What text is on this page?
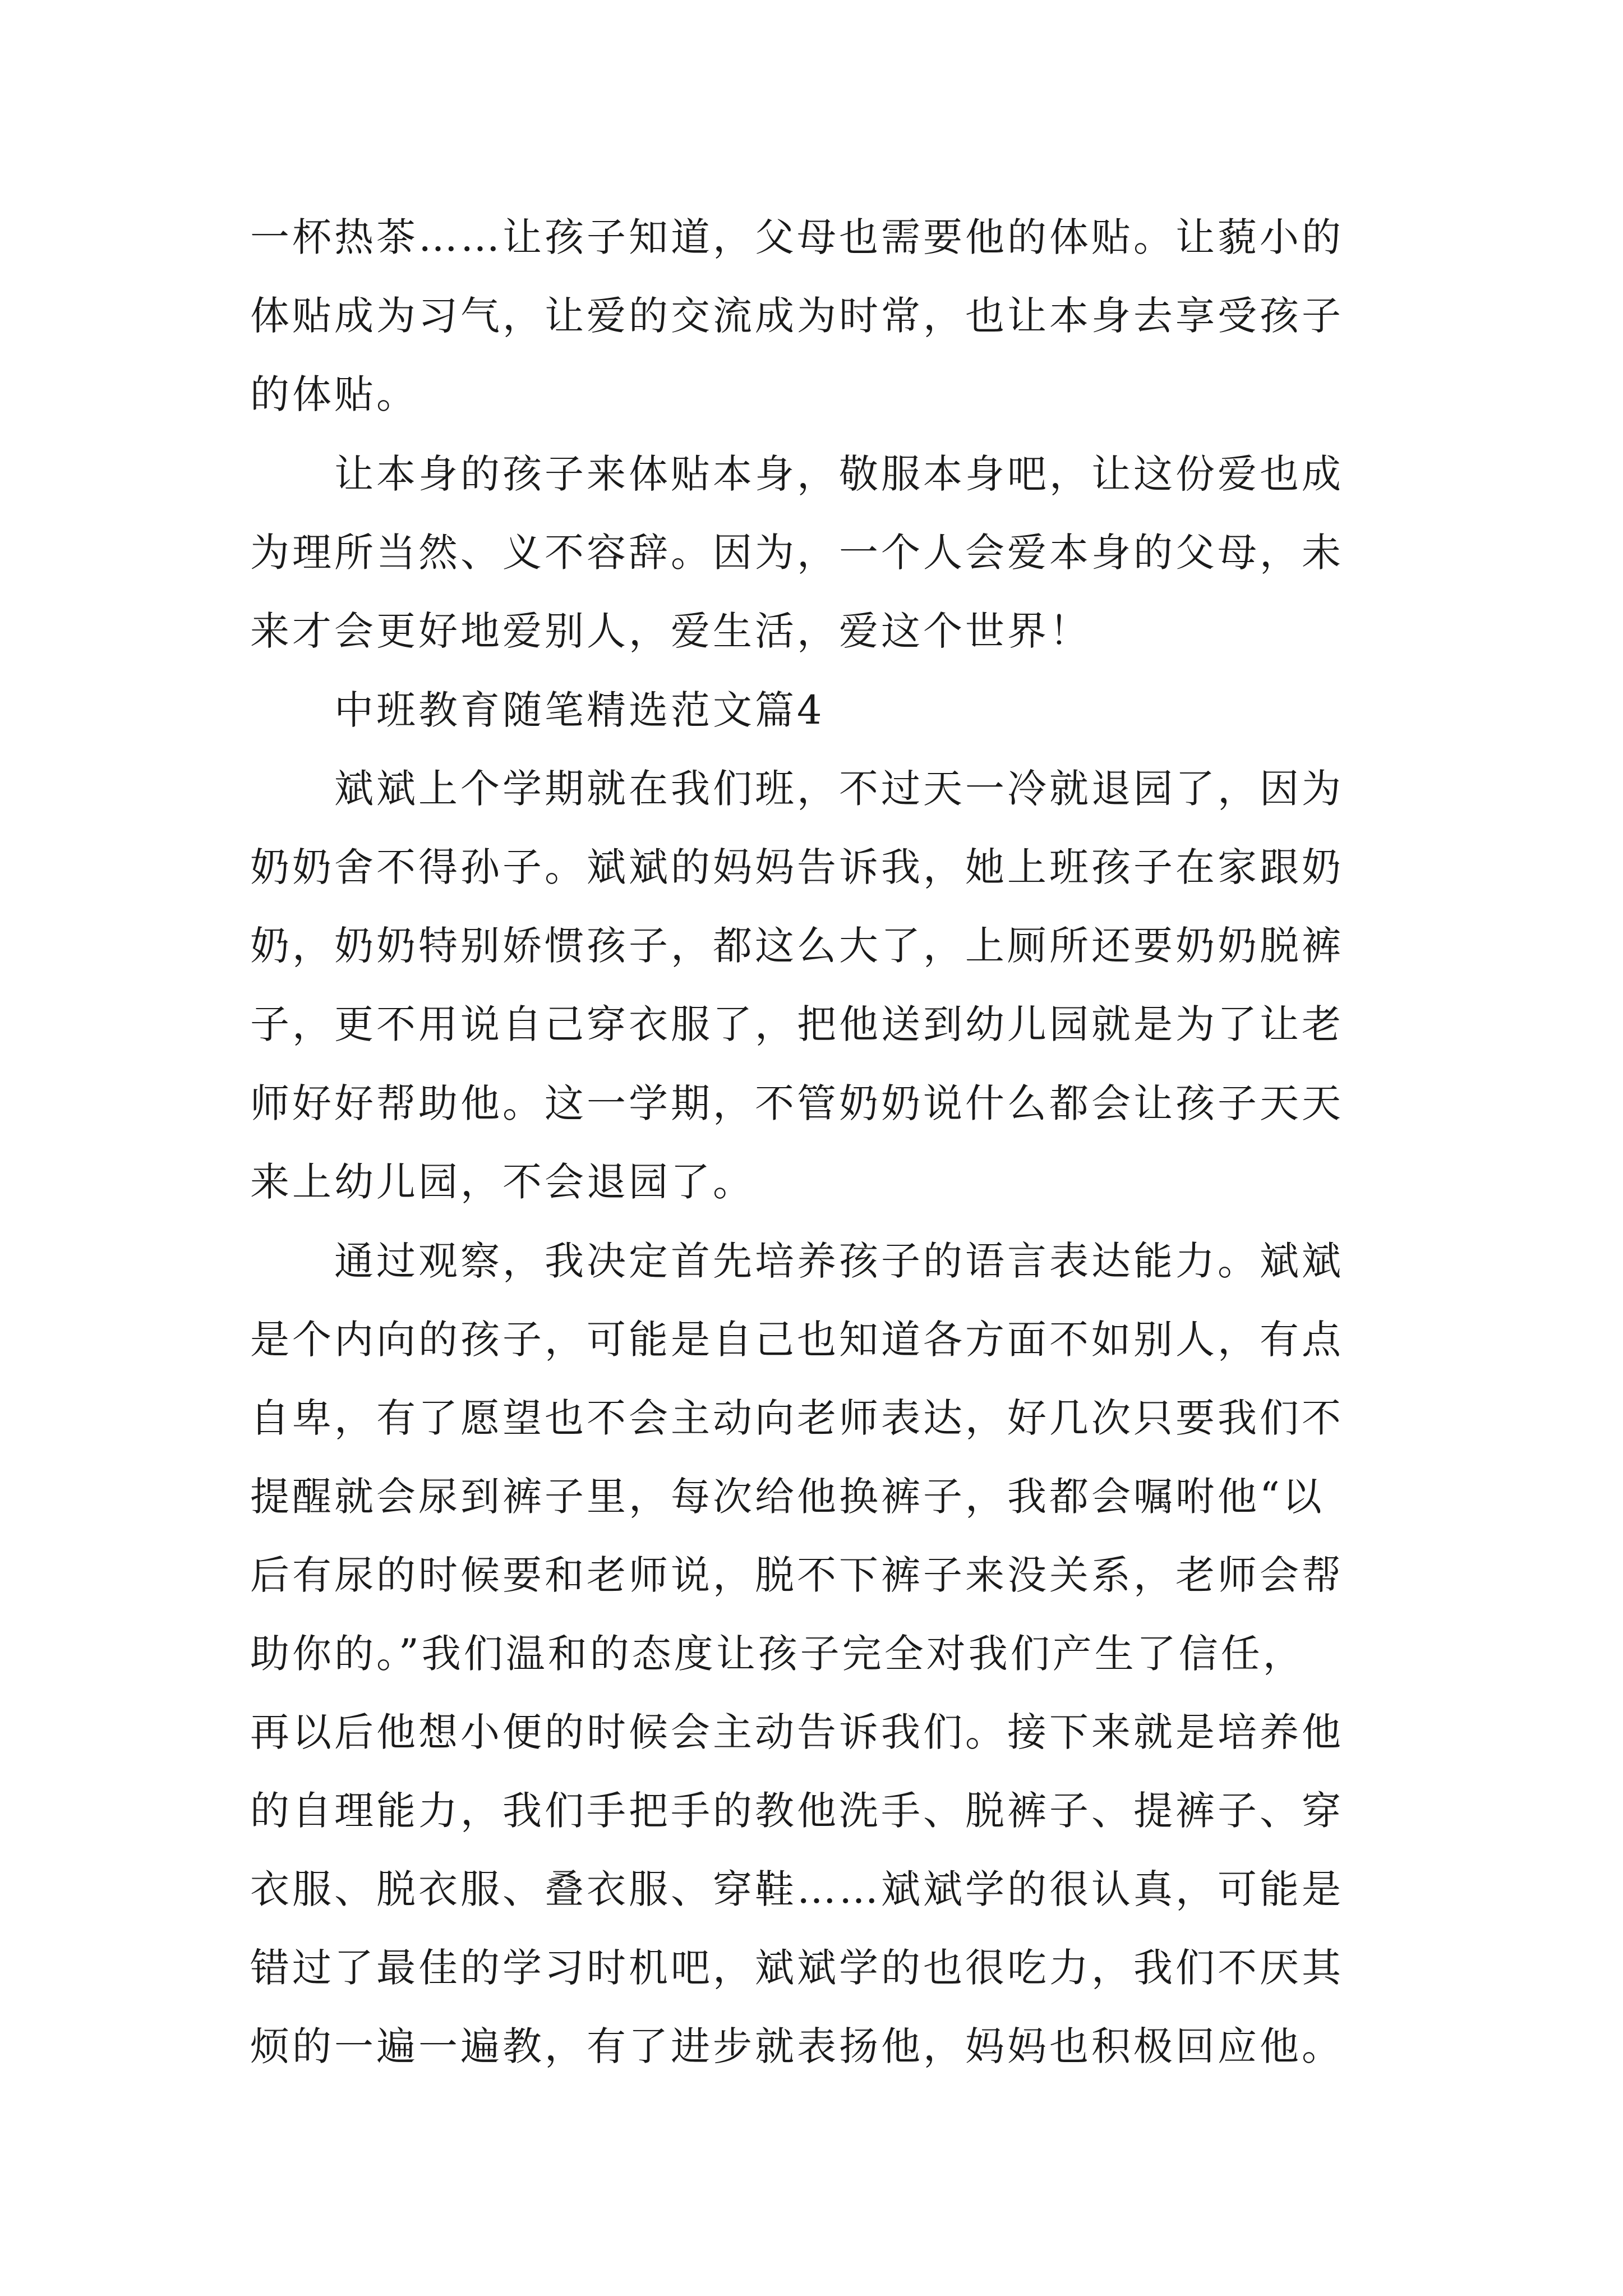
一杯热茶……让孩子知道，父母也需要他的体贴。让藐小的
体贴成为习气，让爱的交流成为时常，也让本身去享受孩子
的体贴。
让本身的孩子来体贴本身，敬服本身吧，让这份爱也成
为理所当然、义不容辞。因为，一个人会爱本身的父母，未
来才会更好地爱别人，爱生活，爱这个世界！
中班教育随笔精选范文篇4
斌斌上个学期就在我们班，不过天一冷就退园了，因为
奶奶舍不得孙子。斌斌的妈妈告诉我，她上班孩子在家跟奶
奶，奶奶特别娇惯孩子，都这么大了，上厕所还要奶奶脱裤
子，更不用说自己穿衣服了，把他送到幼儿园就是为了让老
师好好帮助他。这一学期，不管奶奶说什么都会让孩子天天
来上幼儿园，不会退园了。
通过观察，我决定首先培养孩子的语言表达能力。斌斌
是个内向的孩子，可能是自己也知道各方面不如别人，有点
自卑，有了愿望也不会主动向老师表达，好几次只要我们不
提醒就会尿到裤子里，每次给他换裤子，我都会嘱咐他“以
后有尿的时候要和老师说，脱不下裤子来没关系，老师会帮
助你的。”我们温和的态度让孩子完全对我们产生了信任，
再以后他想小便的时候会主动告诉我们。接下来就是培养他
的自理能力，我们手把手的教他洗手、脱裤子、提裤子、穿
衣服、脱衣服、叠衣服、穿鞋……斌斌学的很认真，可能是
错过了最佳的学习时机吧，斌斌学的也很吃力，我们不厌其
烦的一遍一遍教，有了进步就表扬他，妈妈也积极回应他。
